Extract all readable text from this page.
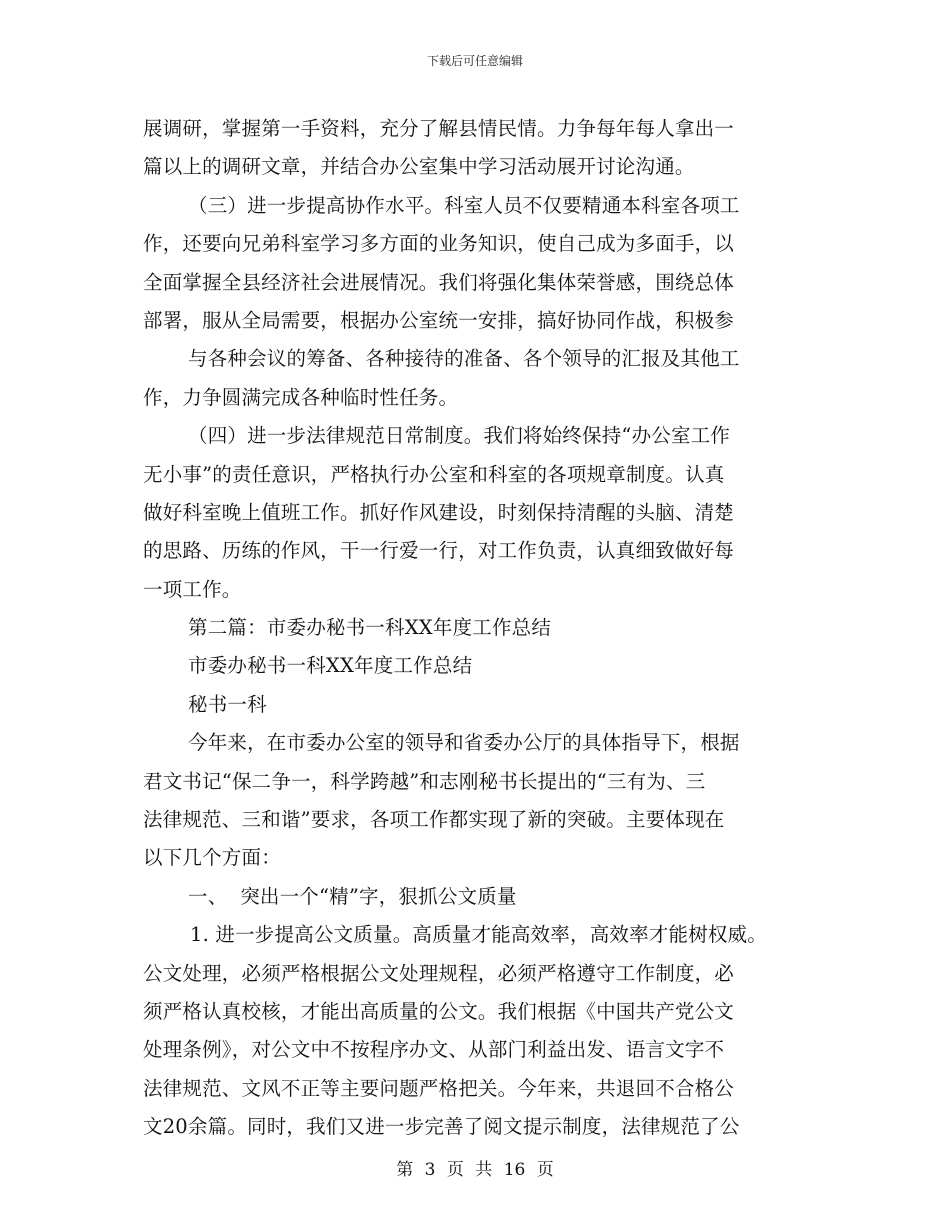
下载后可任意编辑
展调研，掌握第一手资料，充分了解县情民情。力争每年每人拿出一
篇以上的调研文章，并结合办公室集中学习活动展开讨论沟通。
（三）进一步提高协作水平。科室人员不仅要精通本科室各项工
作，还要向兄弟科室学习多方面的业务知识，使自己成为多面手，以
全面掌握全县经济社会进展情况。我们将强化集体荣誉感，围绕总体
部署，服从全局需要，根据办公室统一安排，搞好协同作战，积极参
与各种会议的筹备、各种接待的准备、各个领导的汇报及其他工
作，力争圆满完成各种临时性任务。
（四）进一步法律规范日常制度。我们将始终保持“办公室工作
无小事”的责任意识，严格执行办公室和科室的各项规章制度。认真
做好科室晚上值班工作。抓好作风建设，时刻保持清醒的头脑、清楚
的思路、历练的作风，干一行爱一行，对工作负责，认真细致做好每
一项工作。
第二篇：市委办秘书一科XX年度工作总结
市委办秘书一科XX年度工作总结
秘书一科
今年来，在市委办公室的领导和省委办公厅的具体指导下，根据
君文书记“保二争一，科学跨越”和志刚秘书长提出的“三有为、三
法律规范、三和谐”要求，各项工作都实现了新的突破。主要体现在
以下几个方面：
一、  突出一个“精”字，狠抓公文质量
1. 进一步提高公文质量。高质量才能高效率，高效率才能树权威。
公文处理，必须严格根据公文处理规程，必须严格遵守工作制度，必
须严格认真校核，才能出高质量的公文。我们根据《中国共产党公文
处理条例》，对公文中不按程序办文、从部门利益出发、语言文字不
法律规范、文风不正等主要问题严格把关。今年来，共退回不合格公
文20余篇。同时，我们又进一步完善了阅文提示制度，法律规范了公
第 3 页 共 16 页
